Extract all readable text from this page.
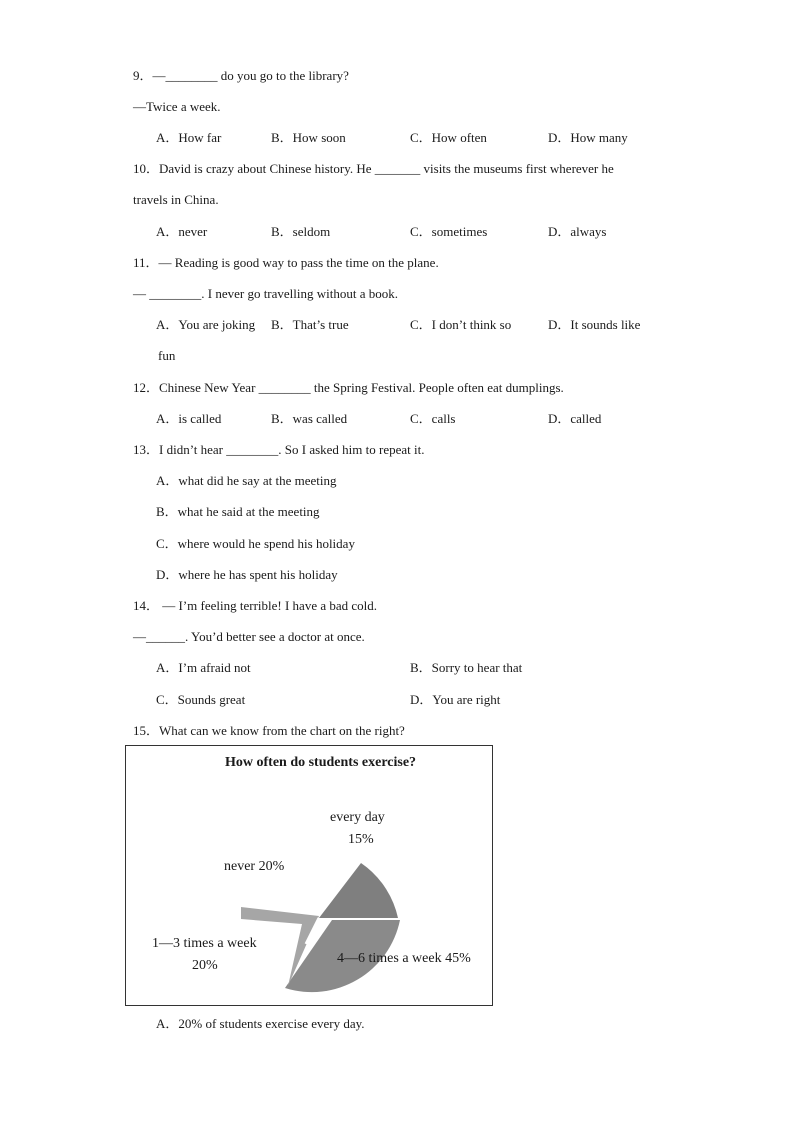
9．—________ do you go to the library?
—Twice a week.
A．How far	B．How soon	C．How often	D．How many
10．David is crazy about Chinese history. He _______ visits the museums first wherever he
travels in China.
A．never	B．seldom	C．sometimes	D．always
11．— Reading is good way to pass the time on the plane.
— ________. I never go travelling without a book.
A．You are joking B．That’s true	C．I don’t think so	D．It sounds like
fun
12．Chinese New Year ________ the Spring Festival. People often eat dumplings.
A．is called	B．was called	C．calls	D．called
13．I didn’t hear ________. So I asked him to repeat it.
A．what did he say at the meeting
B．what he said at the meeting
C．where would he spend his holiday
D．where he has spent his holiday
14． — I’m feeling terrible! I have a bad cold.
—______. You’d better see a doctor at once.
A．I’m afraid not	B．Sorry to hear that
C．Sounds great	D．You are right
15．What can we know from the chart on the right?
How often do students exercise?
every day
15%
never 20%
1—3 times a week
20%	4—6 times a week 45%
A．20% of students exercise every day.
